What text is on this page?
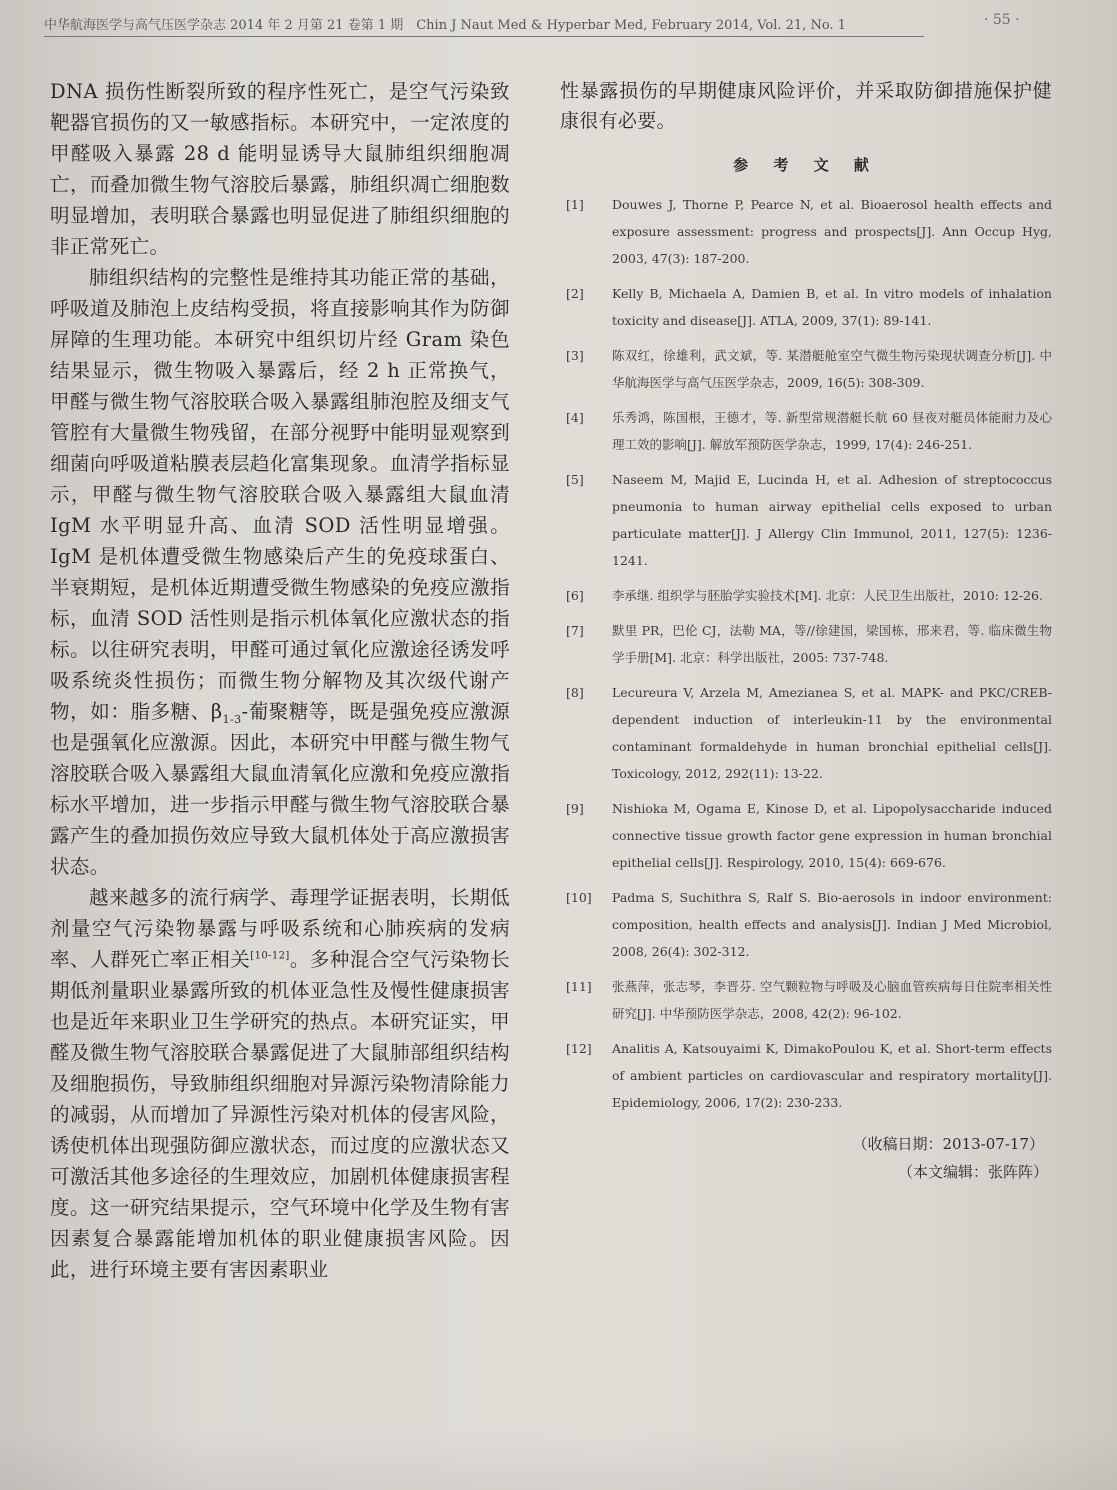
中华航海医学与高气压医学杂志 2014 年 2 月第 21 卷第 1 期　Chin J Naut Med & Hyperbar Med, February 2014, Vol. 21, No. 1	· 55 ·

DNA 损伤性断裂所致的程序性死亡，是空气污染致靶器官损伤的又一敏感指标。本研究中，一定浓度的甲醛吸入暴露 28 d 能明显诱导大鼠肺组织细胞凋亡，而叠加微生物气溶胶后暴露，肺组织凋亡细胞数明显增加，表明联合暴露也明显促进了肺组织细胞的非正常死亡。

肺组织结构的完整性是维持其功能正常的基础，呼吸道及肺泡上皮结构受损，将直接影响其作为防御屏障的生理功能。本研究中组织切片经 Gram 染色结果显示，微生物吸入暴露后，经 2 h 正常换气，甲醛与微生物气溶胶联合吸入暴露组肺泡腔及细支气管腔有大量微生物残留，在部分视野中能明显观察到细菌向呼吸道粘膜表层趋化富集现象。血清学指标显示，甲醛与微生物气溶胶联合吸入暴露组大鼠血清 IgM 水平明显升高、血清 SOD 活性明显增强。IgM 是机体遭受微生物感染后产生的免疫球蛋白、半衰期短，是机体近期遭受微生物感染的免疫应激指标，血清 SOD 活性则是指示机体氧化应激状态的指标。以往研究表明，甲醛可通过氧化应激途径诱发呼吸系统炎性损伤；而微生物分解物及其次级代谢产物，如：脂多糖、$\beta_{1-3}-$葡聚糖等，既是强免疫应激源也是强氧化应激源。因此，本研究中甲醛与微生物气溶胶联合吸入暴露组大鼠血清氧化应激和免疫应激指标水平增加，进一步指示甲醛与微生物气溶胶联合暴露产生的叠加损伤效应导致大鼠机体处于高应激损害状态。

越来越多的流行病学、毒理学证据表明，长期低剂量空气污染物暴露与呼吸系统和心肺疾病的发病率、人群死亡率正相关[10-12]。多种混合空气污染物长期低剂量职业暴露所致的机体亚急性及慢性健康损害也是近年来职业卫生学研究的热点。本研究证实，甲醛及微生物气溶胶联合暴露促进了大鼠肺部组织结构及细胞损伤，导致肺组织细胞对异源污染物清除能力的减弱，从而增加了异源性污染对机体的侵害风险，诱使机体出现强防御应激状态，而过度的应激状态又可激活其他多途径的生理效应，加剧机体健康损害程度。这一研究结果提示，空气环境中化学及生物有害因素复合暴露能增加机体的职业健康损害风险。因此，进行环境主要有害因素职业

性暴露损伤的早期健康风险评价，并采取防御措施保护健康很有必要。

参 考 文 献
[1] Douwes J, Thorne P, Pearce N, et al. Bioaerosol health effects and exposure assessment: progress and prospects[J]. Ann Occup Hyg, 2003, 47(3): 187-200.
[2] Kelly B, Michaela A, Damien B, et al. In vitro models of inhalation toxicity and disease[J]. ATLA, 2009, 37(1): 89-141.
[3] 陈双红，徐雄利，武文斌，等. 某潜艇舱室空气微生物污染现状调查分析[J]. 中华航海医学与高气压医学杂志，2009, 16(5): 308-309.
[4] 乐秀鸿，陈国根，王德才，等. 新型常规潜艇长航 60 昼夜对艇员体能耐力及心理工效的影响[J]. 解放军预防医学杂志，1999, 17(4): 246-251.
[5] Naseem M, Majid E, Lucinda H, et al. Adhesion of streptococcus pneumonia to human airway epithelial cells exposed to urban particulate matter[J]. J Allergy Clin Immunol, 2011, 127(5): 1236-1241.
[6] 李承继. 组织学与胚胎学实验技术[M]. 北京：人民卫生出版社，2010: 12-26.
[7] 默里 PR，巴伦 CJ，法勒 MA，等//徐建国，梁国栋，邢来君，等. 临床微生物学手册[M]. 北京：科学出版社，2005: 737-748.
[8] Lecureura V, Arzela M, Amezianea S, et al. MAPK- and PKC/CREB-dependent induction of interleukin-11 by the environmental contaminant formaldehyde in human bronchial epithelial cells[J]. Toxicology, 2012, 292(11): 13-22.
[9] Nishioka M, Ogama E, Kinose D, et al. Lipopolysaccharide induced connective tissue growth factor gene expression in human bronchial epithelial cells[J]. Respirology, 2010, 15(4): 669-676.
[10] Padma S, Suchithra S, Ralf S. Bio-aerosols in indoor environment: composition, health effects and analysis[J]. Indian J Med Microbiol, 2008, 26(4): 302-312.
[11] 张燕萍，张志琴，李晋芬. 空气颗粒物与呼吸及心脑血管疾病每日住院率相关性研究[J]. 中华预防医学杂志，2008, 42(2): 96-102.
[12] Analitis A, Katsouyaimi K, DimakoPoulou K, et al. Short-term effects of ambient particles on cardiovascular and respiratory mortality[J]. Epidemiology, 2006, 17(2): 230-233.
（收稿日期：2013-07-17）
（本文编辑：张阵阵）
